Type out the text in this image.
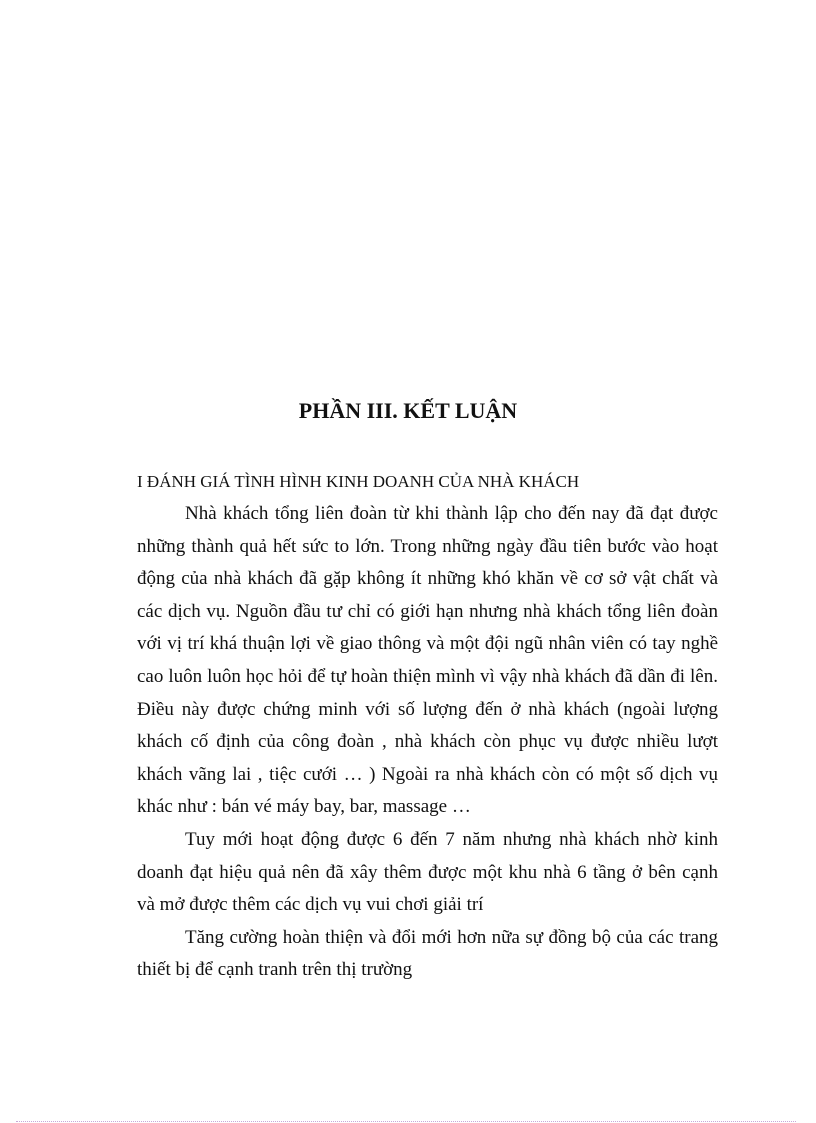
PHẦN III. KẾT LUẬN
I ĐÁNH GIÁ TÌNH HÌNH KINH DOANH CỦA NHÀ KHÁCH
Nhà khách tổng liên đoàn từ khi thành lập cho đến nay đã đạt được
những thành quả hết sức to lớn. Trong những ngày đầu tiên bước vào hoạt
động của nhà khách đã gặp không ít những khó khăn về cơ sở vật chất và
các dịch vụ. Nguồn đầu tư chỉ có giới hạn nhưng nhà khách tổng liên đoàn
với vị trí khá thuận lợi về giao thông và một đội ngũ nhân viên có tay nghề
cao luôn luôn học hỏi để tự hoàn thiện mình vì vậy nhà khách đã dần đi lên.
Điều này được chứng minh với số lượng đến ở nhà khách (ngoài lượng
khách cố định của công đoàn , nhà khách còn phục vụ được nhiều lượt
khách vãng lai , tiệc cưới … ) Ngoài ra nhà khách còn có một số dịch vụ
khác như : bán vé máy bay, bar, massage …
Tuy mới hoạt động được 6 đến 7 năm nhưng nhà khách nhờ kinh
doanh đạt hiệu quả nên đã xây thêm được một khu nhà 6 tầng ở bên cạnh
và mở được thêm các dịch vụ vui chơi giải trí
Tăng cường hoàn thiện và đổi mới hơn nữa sự đồng bộ của các trang
thiết bị để cạnh tranh trên thị trường
